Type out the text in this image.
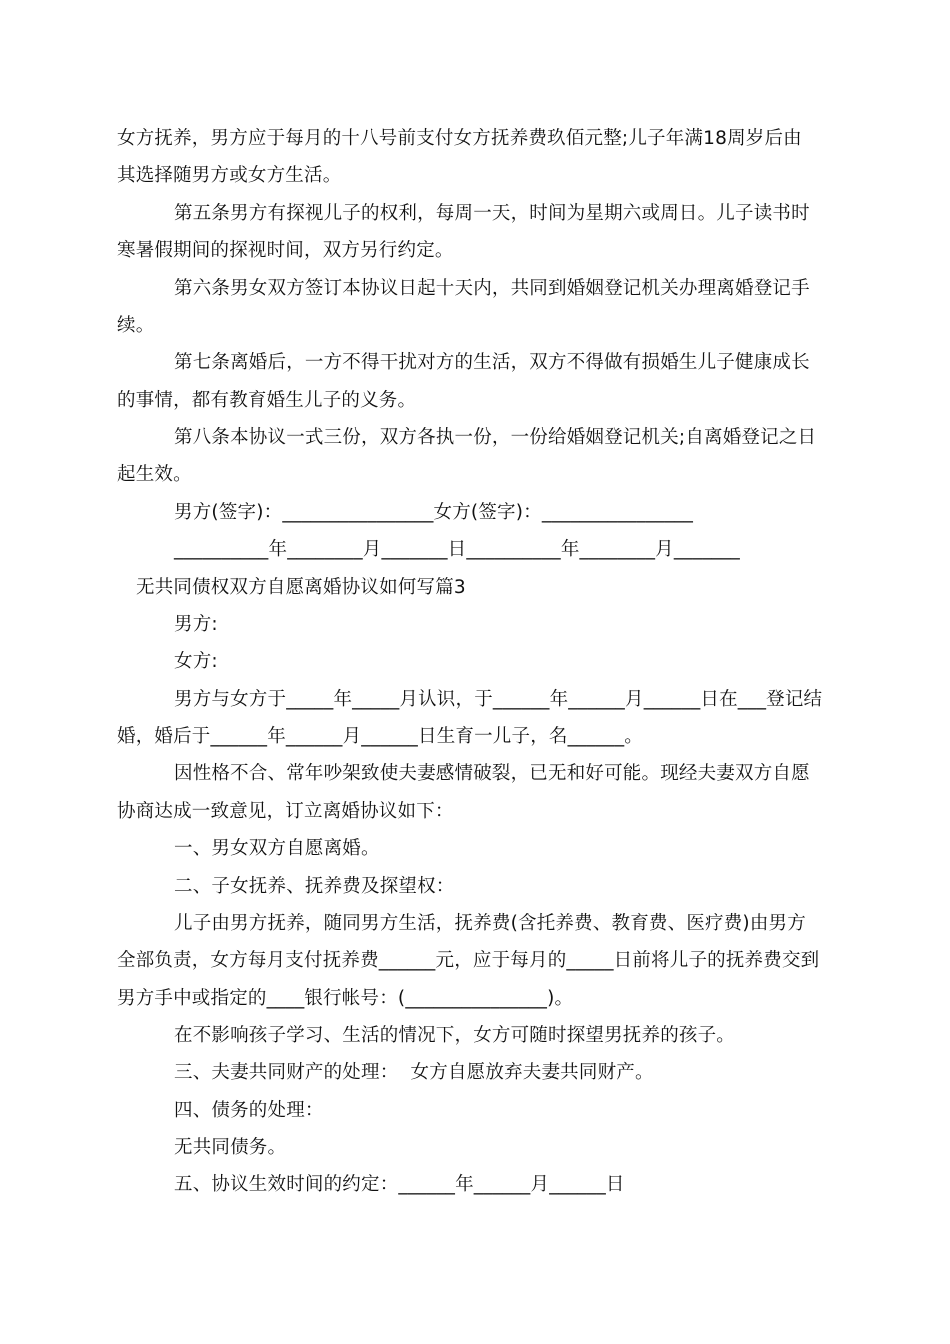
女方抚养，男方应于每月的十八号前支付女方抚养费玖佰元整;儿子年满18周岁后由
其选择随男方或女方生活。
第五条男方有探视儿子的权利，每周一天，时间为星期六或周日。儿子读书时
寒暑假期间的探视时间，双方另行约定。
第六条男女双方签订本协议日起十天内，共同到婚姻登记机关办理离婚登记手
续。
第七条离婚后，一方不得干扰对方的生活，双方不得做有损婚生儿子健康成长
的事情，都有教育婚生儿子的义务。
第八条本协议一式三份，双方各执一份，一份给婚姻登记机关;自离婚登记之日
起生效。
男方(签字)：________________女方(签字)：________________
__________年________月_______日__________年________月_______
无共同债权双方自愿离婚协议如何写篇3
男方:
女方:
男方与女方于_____年_____月认识，于______年______月______日在___登记结
婚，婚后于______年______月______日生育一儿子，名______。
因性格不合、常年吵架致使夫妻感情破裂，已无和好可能。现经夫妻双方自愿
协商达成一致意见，订立离婚协议如下：
一、男女双方自愿离婚。
二、子女抚养、抚养费及探望权：
儿子由男方抚养，随同男方生活，抚养费(含托养费、教育费、医疗费)由男方
全部负责，女方每月支付抚养费______元，应于每月的_____日前将儿子的抚养费交到
男方手中或指定的____银行帐号：(_______________)。
在不影响孩子学习、生活的情况下，女方可随时探望男抚养的孩子。
三、夫妻共同财产的处理：  女方自愿放弃夫妻共同财产。
四、债务的处理：
无共同债务。
五、协议生效时间的约定：______年______月______日
